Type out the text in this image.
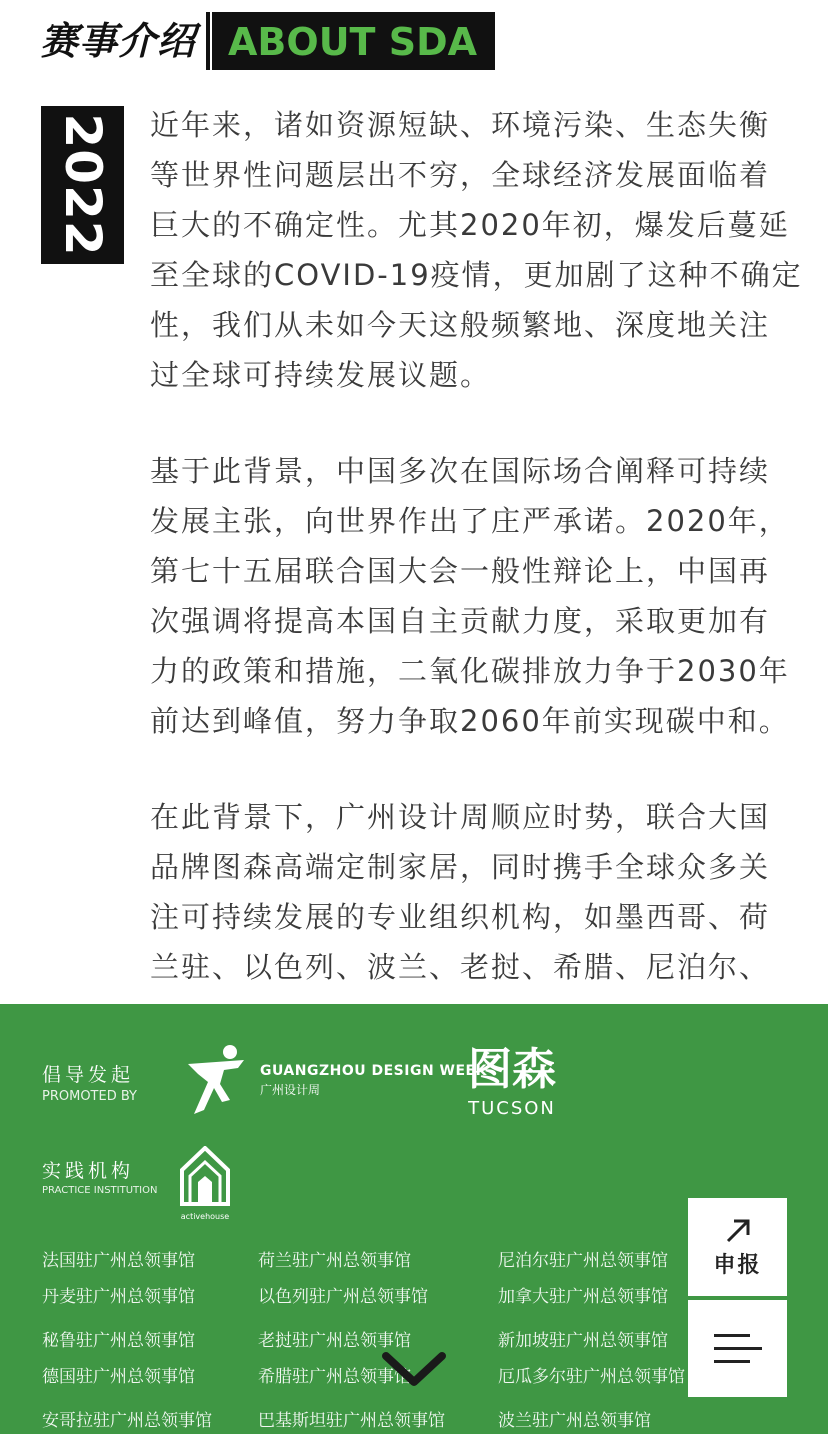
赛事介绍 ABOUT SDA
2022 近年来，诸如资源短缺、环境污染、生态失衡
等世界性问题层出不穷，全球经济发展面临着
巨大的不确定性。尤其2020年初，爆发后蔓延
至全球的COVID-19疫情，更加剧了这种不确定
性，我们从未如今天这般频繁地、深度地关注
过全球可持续发展议题。

基于此背景，中国多次在国际场合阐释可持续
发展主张，向世界作出了庄严承诺。2020年，
第七十五届联合国大会一般性辩论上，中国再
次强调将提高本国自主贡献力度，采取更加有
力的政策和措施，二氧化碳排放力争于2030年
前达到峰值，努力争取2060年前实现碳中和。

在此背景下，广州设计周顺应时势，联合大国
品牌图森高端定制家居，同时携手全球众多关
注可持续发展的专业组织机构，如墨西哥、荷
兰驻、以色列、波兰、老挝、希腊、尼泊尔、

倡导发起
PROMOTED BY
GUANGZHOU DESIGN WEEK
广州设计周	图森
TUCSON
实践机构
PRACTICE INSTITUTION
activehouse
法国驻广州总领事馆	荷兰驻广州总领事馆	尼泊尔驻广州总领事馆
丹麦驻广州总领事馆	以色列驻广州总领事馆	加拿大驻广州总领事馆
秘鲁驻广州总领事馆	老挝驻广州总领事馆	新加坡驻广州总领事馆
德国驻广州总领事馆	希腊驻广州总领事馆	厄瓜多尔驻广州总领事馆
安哥拉驻广州总领事馆	巴基斯坦驻广州总领事馆	波兰驻广州总领事馆
申报
